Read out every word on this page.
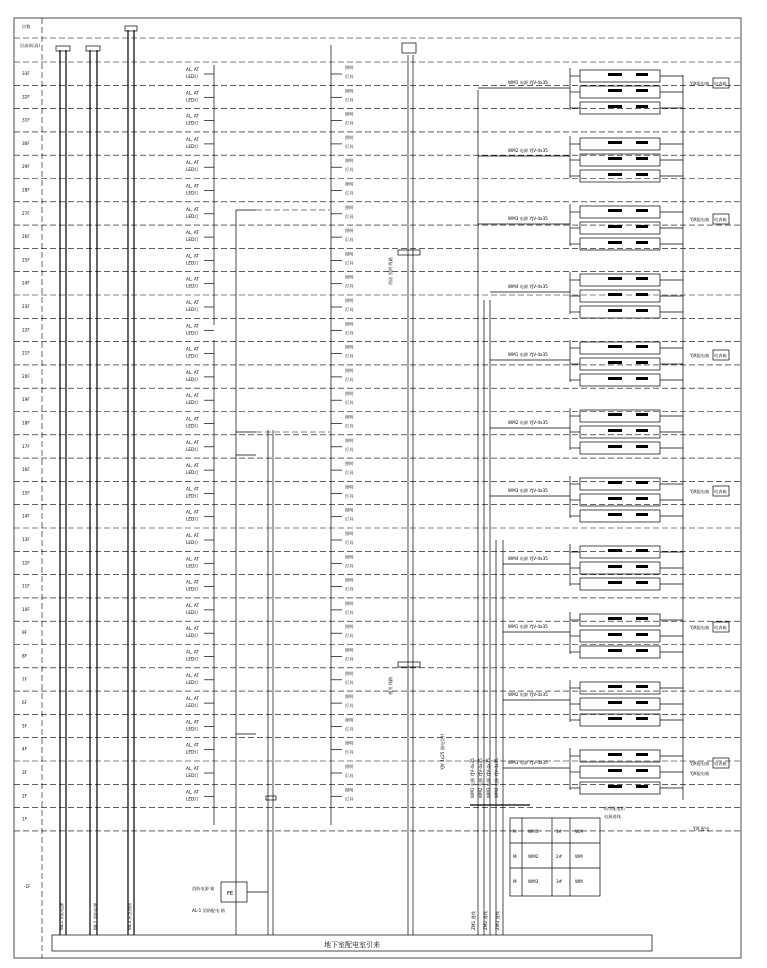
层数
层高(标高)
33F
32F
31F
30F
29F
28F
27F
26F
25F
24F
23F
22F
21F
20F
19F
18F
17F
16F
15F
14F
13F
12F
11F
10F
9F
8F
7F
6F
5F
4F
3F
2F
1F
-1F
AL, AT
LED灯
AL, AT
LED灯
AL, AT
LED灯
AL, AT
LED灯
AL, AT
LED灯
AL, AT
LED灯
AL, AT
LED灯
AL, AT
LED灯
AL, AT
LED灯
AL, AT
LED灯
AL, AT
LED灯
AL, AT
LED灯
AL, AT
LED灯
AL, AT
LED灯
AL, AT
LED灯
AL, AT
LED灯
AL, AT
LED灯
AL, AT
LED灯
AL, AT
LED灯
AL, AT
LED灯
AL, AT
LED灯
AL, AT
LED灯
AL, AT
LED灯
AL, AT
LED灯
AL, AT
LED灯
AL, AT
LED灯
AL, AT
LED灯
AL, AT
LED灯
AL, AT
LED灯
AL, AT
LED灯
AL, AT
LED灯
AL, AT
LED灯
照明
灯具
照明
灯具
照明
灯具
照明
灯具
照明
灯具
照明
灯具
照明
灯具
照明
灯具
照明
灯具
照明
灯具
照明
灯具
照明
灯具
照明
灯具
照明
灯具
照明
灯具
照明
灯具
照明
灯具
照明
灯具
照明
灯具
照明
灯具
照明
灯具
照明
灯具
照明
灯具
照明
灯具
照明
灯具
照明
灯具
照明
灯具
照明
灯具
照明
灯具
照明
灯具
照明
灯具
照明
灯具
WM1 电源 YJV-4x35	YJX配电箱 电表箱
WM2 电源 YJV-4x35
WM3 电源 YJV-4x35	YJX配电箱 电表箱
WM4 电源 YJV-4x35
WM1 电源 YJV-4x35	YJX配电箱 电表箱
WM2 电源 YJV-4x35
WM3 电源 YJV-4x35	YJX配电箱 电表箱
WM4 电源 YJV-4x35
WM1 电源 YJV-4x35	YJX配电箱 电表箱
WM2 电源 YJV-4x35
WM3 电源 YJV-4x35	YJX配电箱 电表箱
FE
消防电源 箱
AL-1 消防配电 箱
低压配电柜
电源进线
M	WM1	1#	WM
M	WM2	2#	WM
M	WM3	3#	WM
YJV 4x25 强电竖井
YJX 配电
YJX配电箱
WL1 消防电源	WL2 消防电源	WL3 应急照明
消防 照明 线路
备用 线路
ZM1 进线 ZM2 进线 ZM3 进线
WM1 电源 YJV-4x35 WM2 电源 YJV-4x35 WM3 电源 YJV-4x35 WM4 电源 YJV-4x35
地下室配电室引来
